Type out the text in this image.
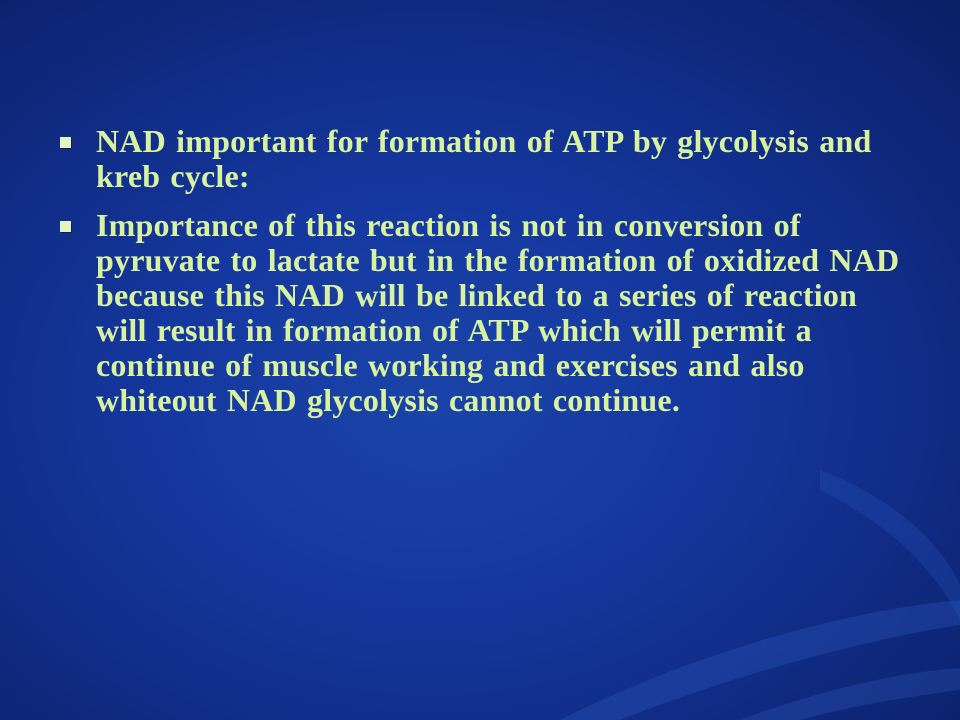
NAD important for formation of ATP by glycolysis and kreb cycle:
Importance of this reaction is not in conversion of pyruvate to lactate but in the formation of oxidized NAD because this NAD will be linked to a series of reaction will result in formation of ATP which will permit a continue of muscle working and exercises and also whiteout NAD glycolysis cannot continue.
